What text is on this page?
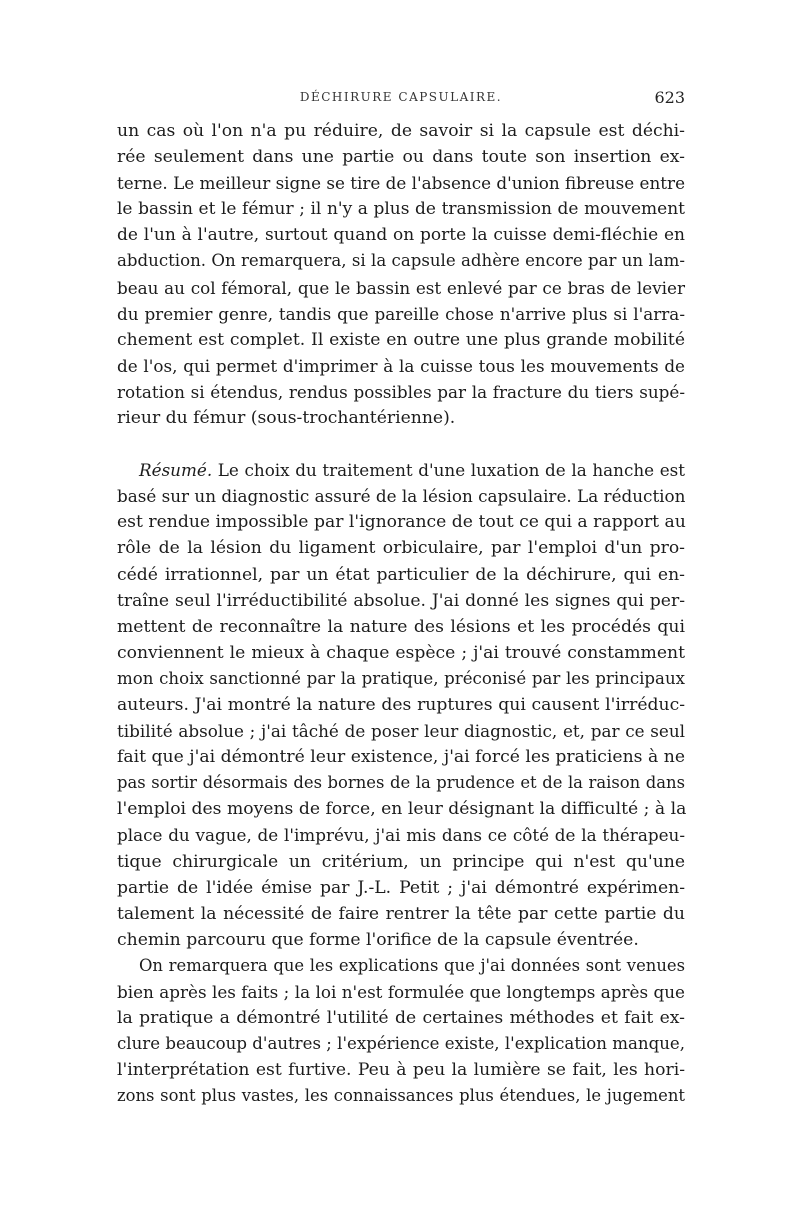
DÉCHIRURE CAPSULAIRE.	623
un cas où l'on n'a pu réduire, de savoir si la capsule est déchi-
rée seulement dans une partie ou dans toute son insertion ex-
terne. Le meilleur signe se tire de l'absence d'union fibreuse entre
le bassin et le fémur ; il n'y a plus de transmission de mouvement
de l'un à l'autre, surtout quand on porte la cuisse demi-fléchie en
abduction. On remarquera, si la capsule adhère encore par un lam-
beau au col fémoral, que le bassin est enlevé par ce bras de levier
du premier genre, tandis que pareille chose n'arrive plus si l'arra-
chement est complet. Il existe en outre une plus grande mobilité
de l'os, qui permet d'imprimer à la cuisse tous les mouvements de
rotation si étendus, rendus possibles par la fracture du tiers supé-
rieur du fémur (sous-trochantérienne).
Résumé. Le choix du traitement d'une luxation de la hanche est
basé sur un diagnostic assuré de la lésion capsulaire. La réduction
est rendue impossible par l'ignorance de tout ce qui a rapport au
rôle de la lésion du ligament orbiculaire, par l'emploi d'un pro-
cédé irrationnel, par un état particulier de la déchirure, qui en-
traîne seul l'irréductibilité absolue. J'ai donné les signes qui per-
mettent de reconnaître la nature des lésions et les procédés qui
conviennent le mieux à chaque espèce ; j'ai trouvé constamment
mon choix sanctionné par la pratique, préconisé par les principaux
auteurs. J'ai montré la nature des ruptures qui causent l'irréduc-
tibilité absolue ; j'ai tâché de poser leur diagnostic, et, par ce seul
fait que j'ai démontré leur existence, j'ai forcé les praticiens à ne
pas sortir désormais des bornes de la prudence et de la raison dans
l'emploi des moyens de force, en leur désignant la difficulté ; à la
place du vague, de l'imprévu, j'ai mis dans ce côté de la thérapeu-
tique chirurgicale un critérium, un principe qui n'est qu'une
partie de l'idée émise par J.-L. Petit ; j'ai démontré expérimen-
talement la nécessité de faire rentrer la tête par cette partie du
chemin parcouru que forme l'orifice de la capsule éventrée.
On remarquera que les explications que j'ai données sont venues
bien après les faits ; la loi n'est formulée que longtemps après que
la pratique a démontré l'utilité de certaines méthodes et fait ex-
clure beaucoup d'autres ; l'expérience existe, l'explication manque,
l'interprétation est furtive. Peu à peu la lumière se fait, les hori-
zons sont plus vastes, les connaissances plus étendues, le jugement
